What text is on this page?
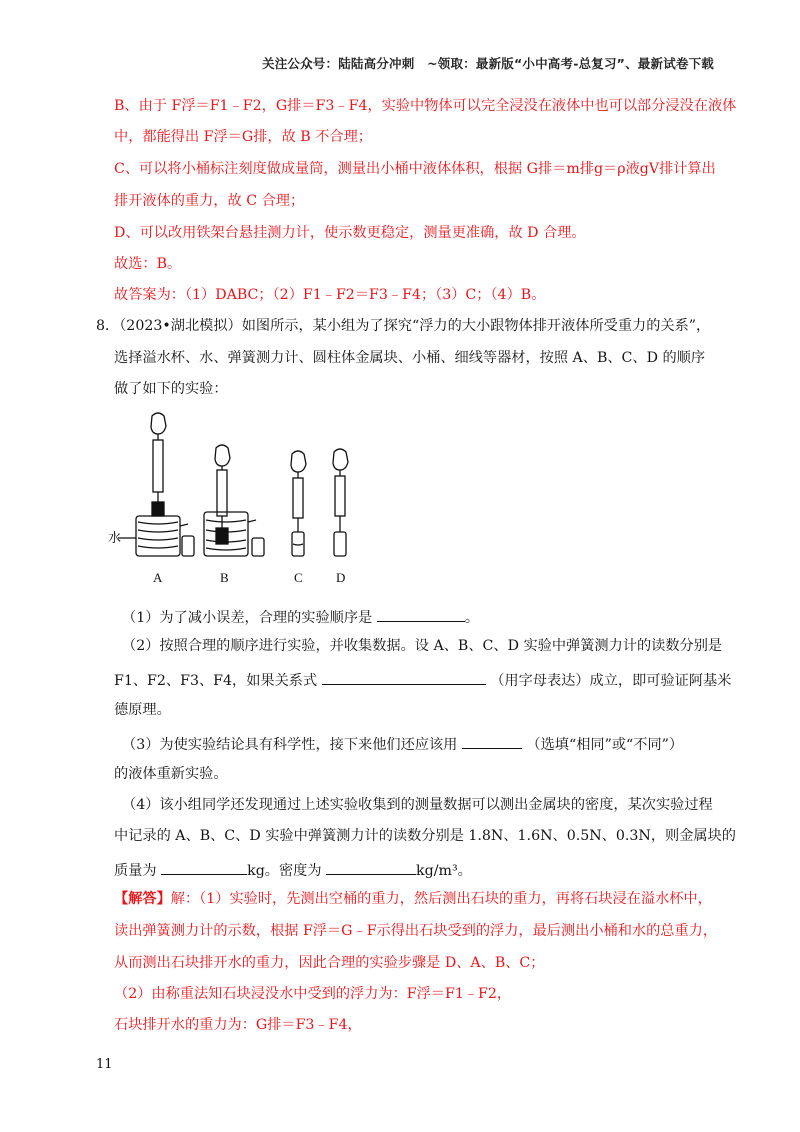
关注公众号：陆陆高分冲刺　~领取：最新版“小中高考-总复习”、最新试卷下载
B、由于 F浮＝F1﹣F2，G排＝F3﹣F4，实验中物体可以完全浸没在液体中也可以部分浸没在液体
中，都能得出 F浮＝G排，故 B 不合理；
C、可以将小桶标注刻度做成量筒，测量出小桶中液体体积，根据 G排＝m排g＝ρ液gV排计算出
排开液体的重力，故 C 合理；
D、可以改用铁架台悬挂测力计，使示数更稳定，测量更准确，故 D 合理。
故选：B。
故答案为：（1）DABC；（2）F1﹣F2＝F3﹣F4；（3）C；（4）B。
8．（2023•湖北模拟）如图所示，某小组为了探究“浮力的大小跟物体排开液体所受重力的关系”，
选择溢水杯、水、弹簧测力计、圆柱体金属块、小桶、细线等器材，按照 A、B、C、D 的顺序
做了如下的实验：
水
A	B	C	D
（1）为了减小误差，合理的实验顺序是	。
（2）按照合理的顺序进行实验，并收集数据。设 A、B、C、D 实验中弹簧测力计的读数分别是
F1、F2、F3、F4，如果关系式	（用字母表达）成立，即可验证阿基米
德原理。
（3）为使实验结论具有科学性，接下来他们还应该用	（选填“相同”或“不同”）
的液体重新实验。
（4）该小组同学还发现通过上述实验收集到的测量数据可以测出金属块的密度，某次实验过程
中记录的 A、B、C、D 实验中弹簧测力计的读数分别是 1.8N、1.6N、0.5N、0.3N，则金属块的
质量为	kg。密度为	kg/m³。
【解答】解：（1）实验时，先测出空桶的重力，然后测出石块的重力，再将石块浸在溢水杯中，
读出弹簧测力计的示数，根据 F浮＝G﹣F示得出石块受到的浮力，最后测出小桶和水的总重力，
从而测出石块排开水的重力，因此合理的实验步骤是 D、A、B、C；
（2）由称重法知石块浸没水中受到的浮力为：F浮＝F1﹣F2，
石块排开水的重力为：G排＝F3﹣F4，
11
